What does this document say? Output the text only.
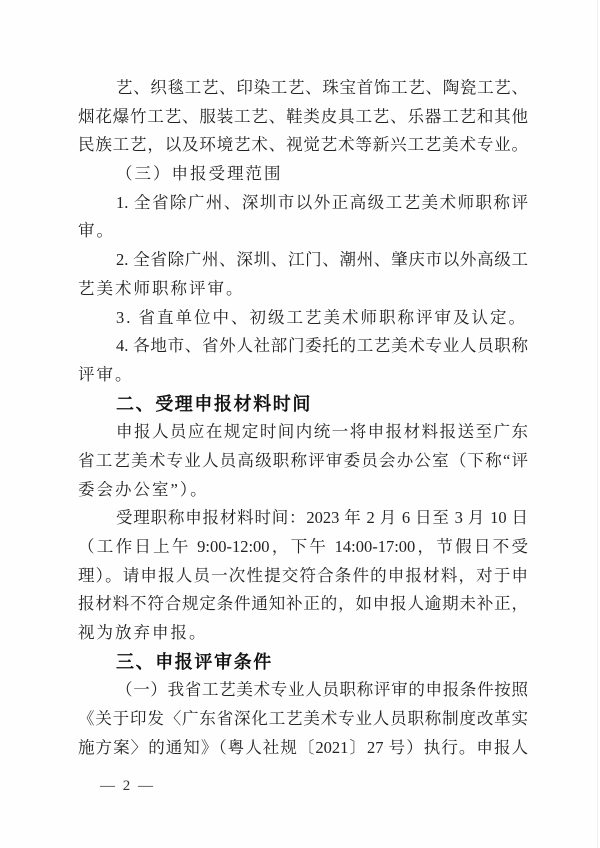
艺、织毯工艺、印染工艺、珠宝首饰工艺、陶瓷工艺、
烟花爆竹工艺、服装工艺、鞋类皮具工艺、乐器工艺和其他
民族工艺，以及环境艺术、视觉艺术等新兴工艺美术专业。
（三）申报受理范围
1. 全省除广州、深圳市以外正高级工艺美术师职称评
审。
2. 全省除广州、深圳、江门、潮州、肇庆市以外高级工
艺美术师职称评审。
3. 省直单位中、初级工艺美术师职称评审及认定。
4. 各地市、省外人社部门委托的工艺美术专业人员职称
评审。
二、受理申报材料时间
申报人员应在规定时间内统一将申报材料报送至广东
省工艺美术专业人员高级职称评审委员会办公室（下称“评
委会办公室”）。
受理职称申报材料时间：2023 年 2 月 6 日至 3 月 10 日
（工作日上午 9:00-12:00，下午 14:00-17:00，节假日不受
理）。请申报人员一次性提交符合条件的申报材料，对于申
报材料不符合规定条件通知补正的，如申报人逾期未补正，
视为放弃申报。
三、申报评审条件
（一）我省工艺美术专业人员职称评审的申报条件按照
《关于印发〈广东省深化工艺美术专业人员职称制度改革实
施方案〉的通知》（粤人社规〔2021〕27 号）执行。申报人
— 2 —
